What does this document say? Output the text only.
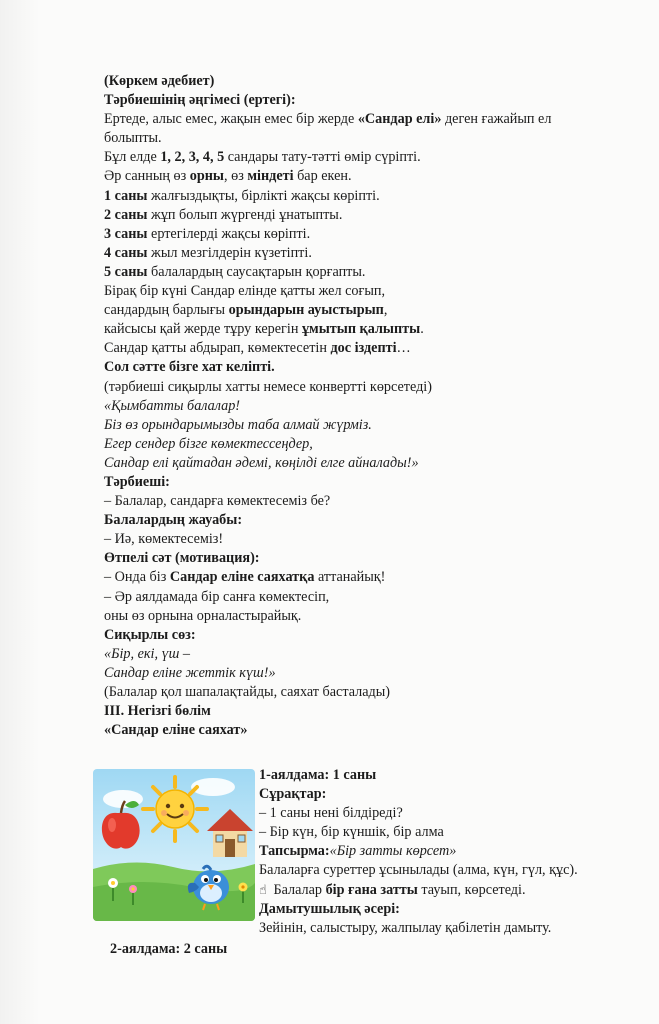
(Көркем әдебиет)
Тәрбиешінің әңгімесі (ертегі):
Ертеде, алыс емес, жақын емес бір жерде «Сандар елі» деген ғажайып ел
болыпты.
Бұл елде 1, 2, 3, 4, 5 сандары тату-тәтті өмір сүріпті.
Әр санның өз орны, өз міндеті бар екен.
1 саны жалғыздықты, бірлікті жақсы көріпті.
2 саны жұп болып жүргенді ұнатыпты.
3 саны ертегілерді жақсы көріпті.
4 саны жыл мезгілдерін күзетіпті.
5 саны балалардың саусақтарын қорғапты.
Бірақ бір күні Сандар елінде қатты жел соғып,
сандардың барлығы орындарын ауыстырып,
кайсысы қай жерде тұру керегін ұмытып қалыпты.
Сандар қатты абдырап, көмектесетін дос іздепті…
Сол сәтте бізге хат келіпті.
(тәрбиеші сиқырлы хатты немесе конвертті көрсетеді)
«Қымбатты балалар!
Біз өз орындарымызды таба алмай жүрміз.
Егер сендер бізге көмектессеңдер,
Сандар елі қайтадан әдемі, көңілді елге айналады!»
Тәрбиеші:
– Балалар, сандарға көмектесеміз бе?
Балалардың жауабы:
– Иә, көмектесеміз!
Өтпелі сәт (мотивация):
– Онда біз Сандар еліне саяхатқа аттанайық!
– Әр аялдамада бір санға көмектесіп,
оны өз орнына орналастырайық.
Сиқырлы сөз:
«Бір, екі, үш –
Сандар еліне жеттік күш!»
(Балалар қол шапалақтайды, саяхат басталады)
III. Негізгі бөлім
«Сандар еліне саяхат»
1-аялдама: 1 саны
Сұрақтар:
– 1 саны нені білдіреді?
– Бір күн, бір күншік, бір алма
Тапсырма:«Бір затты көрсет»
Балаларға суреттер ұсынылады (алма, күн, гүл, құс).
☝ Балалар бір ғана затты тауып, көрсетеді.
Дамытушылық әсері:
Зейінін, салыстыру, жалпылау қабілетін дамыту.
2-аялдама: 2 саны
